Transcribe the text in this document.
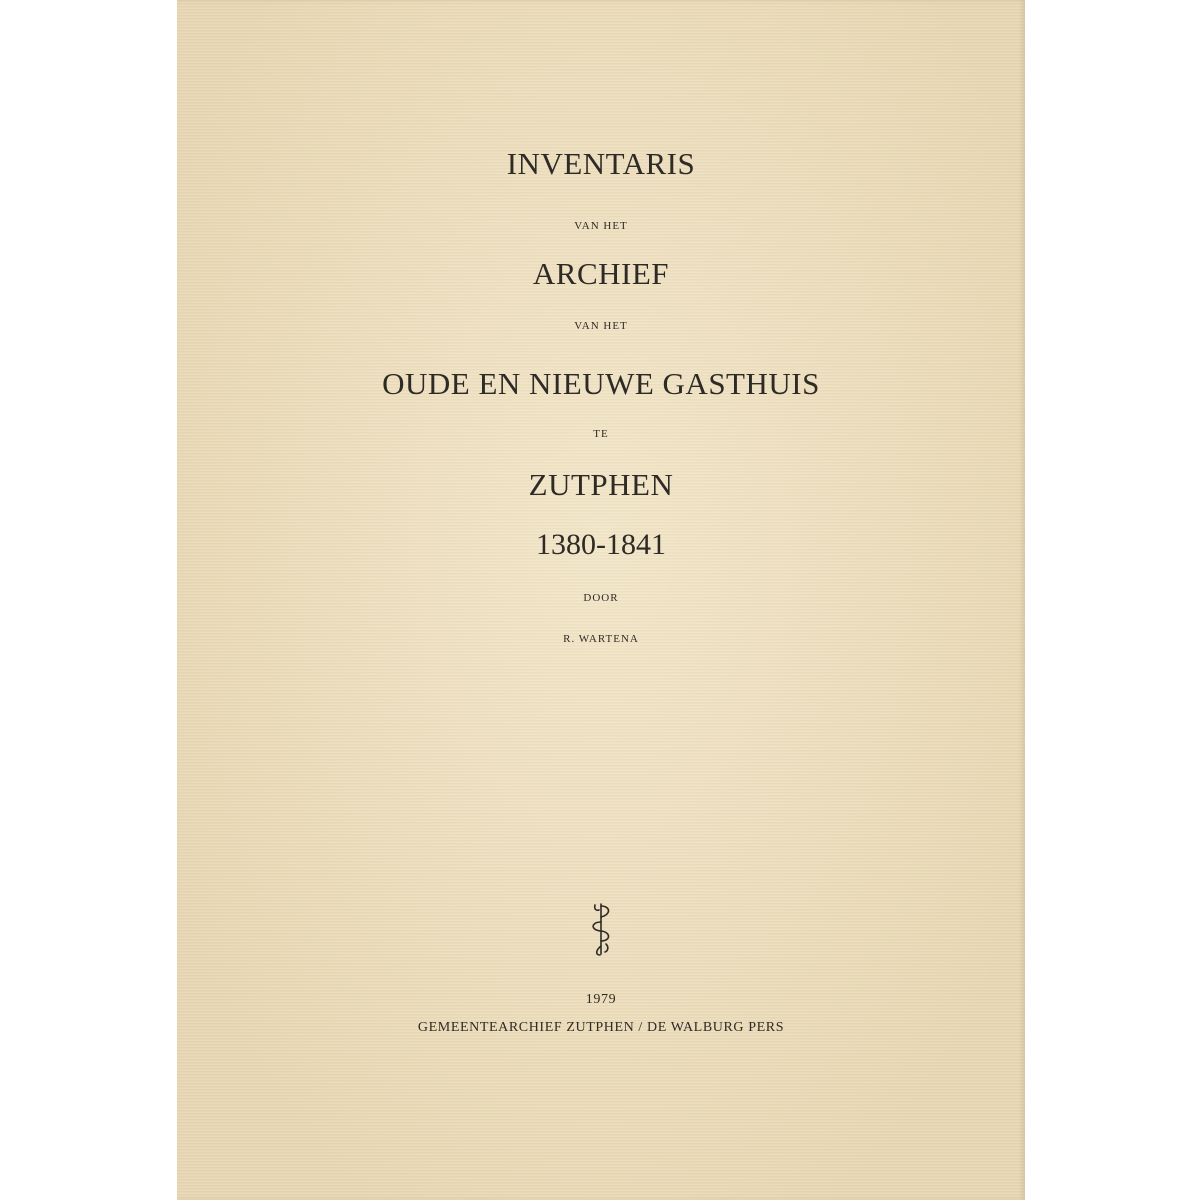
INVENTARIS
VAN HET
ARCHIEF
VAN HET
OUDE EN NIEUWE GASTHUIS
TE
ZUTPHEN
1380-1841
DOOR
R. WARTENA
1979
GEMEENTEARCHIEF ZUTPHEN / DE WALBURG PERS
